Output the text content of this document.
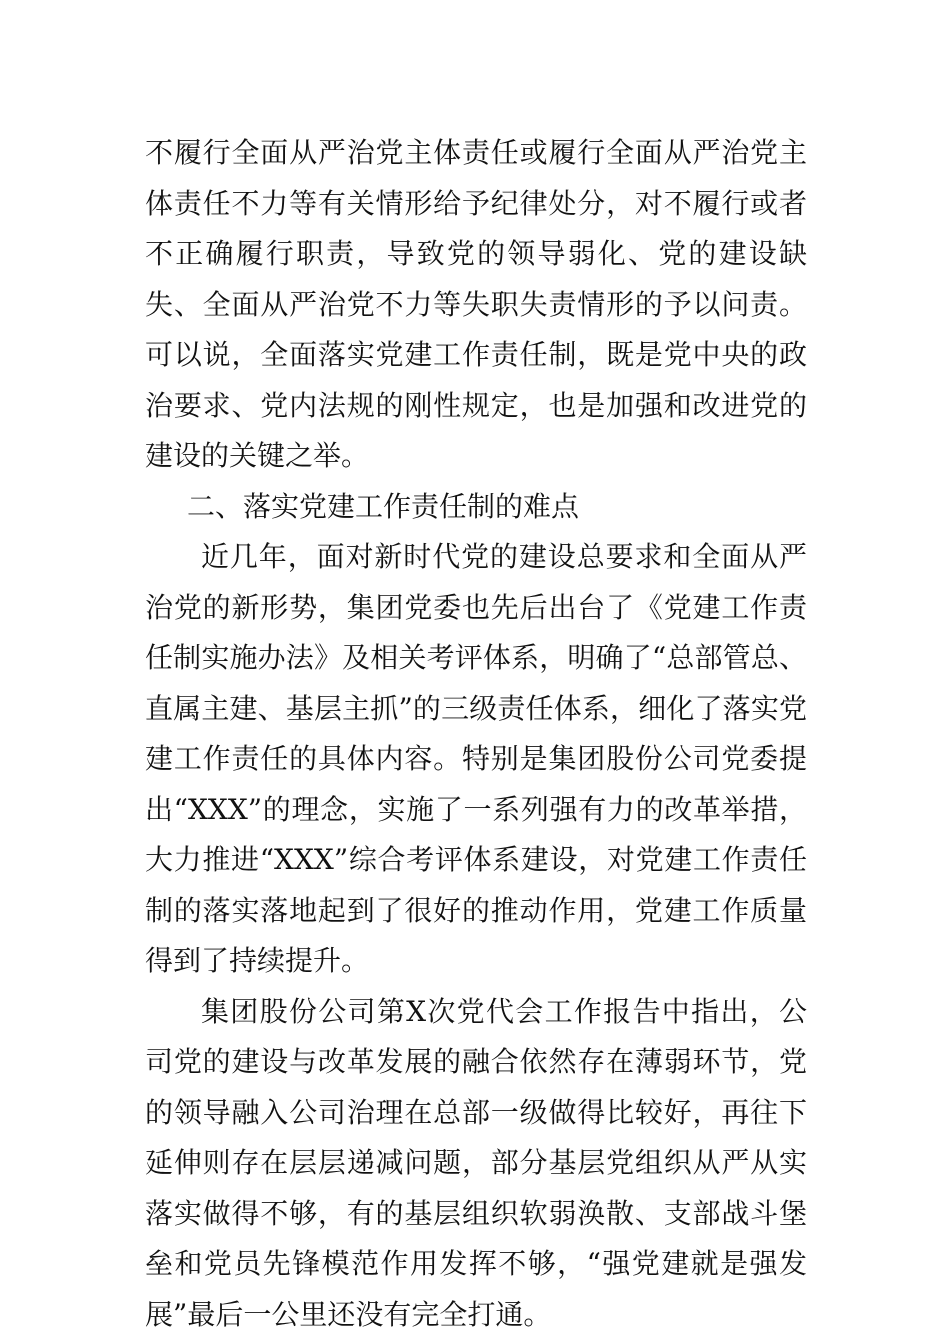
不履行全面从严治党主体责任或履行全面从严治党主体责任不力等有关情形给予纪律处分，对不履行或者不正确履行职责，导致党的领导弱化、党的建设缺失、全面从严治党不力等失职失责情形的予以问责。可以说，全面落实党建工作责任制，既是党中央的政治要求、党内法规的刚性规定，也是加强和改进党的建设的关键之举。

二、落实党建工作责任制的难点

近几年，面对新时代党的建设总要求和全面从严治党的新形势，集团党委也先后出台了《党建工作责任制实施办法》及相关考评体系，明确了“总部管总、直属主建、基层主抓”的三级责任体系，细化了落实党建工作责任的具体内容。特别是集团股份公司党委提出“XXX”的理念，实施了一系列强有力的改革举措，大力推进“XXX”综合考评体系建设，对党建工作责任制的落实落地起到了很好的推动作用，党建工作质量得到了持续提升。

集团股份公司第X次党代会工作报告中指出，公司党的建设与改革发展的融合依然存在薄弱环节，党的领导融入公司治理在总部一级做得比较好，再往下延伸则存在层层递减问题，部分基层党组织从严从实落实做得不够，有的基层组织软弱涣散、支部战斗堡垒和党员先锋模范作用发挥不够，“强党建就是强发展”最后一公里还没有完全打通。
